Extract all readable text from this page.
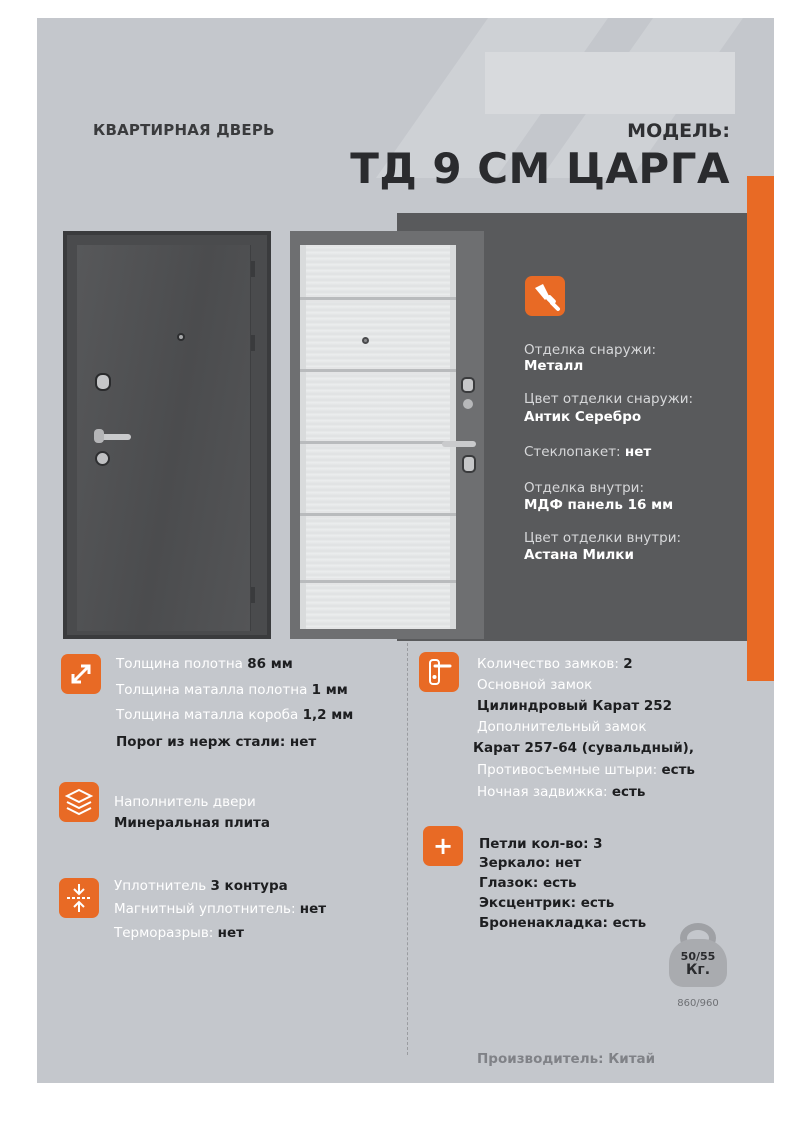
КВАРТИРНАЯ ДВЕРЬ	МОДЕЛЬ:
ТД 9 СМ ЦАРГА
Отделка снаружи:
Металл
Цвет отделки снаружи:
Антик Серебро
Стеклопакет: нет
Отделка внутри:
МДФ панель 16 мм
Цвет отделки внутри:
Астана Милки
Толщина полотна 86 мм
Толщина маталла полотна 1 мм
Толщина маталла короба 1,2 мм
Порог из нерж стали: нет
Наполнитель двери
Минеральная плита
Уплотнитель 3 контура
Магнитный уплотнитель: нет
Терморазрыв: нет
Количество замков: 2
Основной замок
Цилиндровый Карат 252
Дополнительный замок
Карат 257-64 (сувальдный),
Противосъемные штыри: есть
Ночная задвижка: есть
+	Петли кол-во: 3
Зеркало: нет
Глазок: есть
Эксцентрик: есть
Броненакладка: есть
50/55
Кг.
860/960
Производитель: Китай
